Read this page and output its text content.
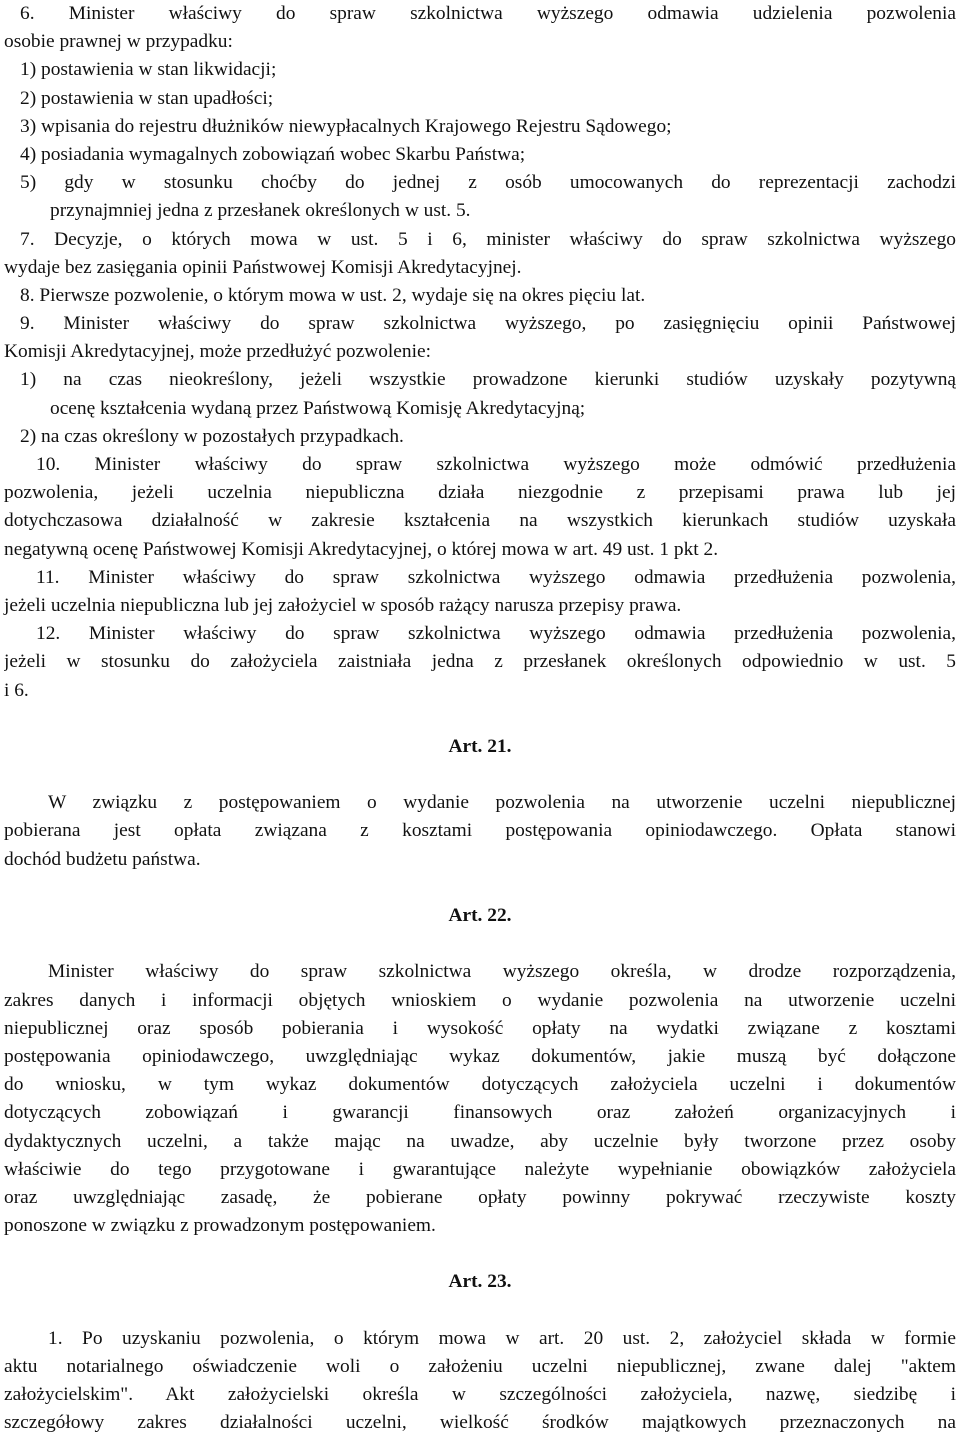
6. Minister właściwy do spraw szkolnictwa wyższego odmawia udzielenia pozwolenia
osobie prawnej w przypadku:
1) postawienia w stan likwidacji;
2) postawienia w stan upadłości;
3) wpisania do rejestru dłużników niewypłacalnych Krajowego Rejestru Sądowego;
4) posiadania wymagalnych zobowiązań wobec Skarbu Państwa;
5) gdy w stosunku choćby do jednej z osób umocowanych do reprezentacji zachodzi
przynajmniej jedna z przesłanek określonych w ust. 5.
7. Decyzje, o których mowa w ust. 5 i 6, minister właściwy do spraw szkolnictwa wyższego
wydaje bez zasięgania opinii Państwowej Komisji Akredytacyjnej.
8. Pierwsze pozwolenie, o którym mowa w ust. 2, wydaje się na okres pięciu lat.
9. Minister właściwy do spraw szkolnictwa wyższego, po zasięgnięciu opinii Państwowej
Komisji Akredytacyjnej, może przedłużyć pozwolenie:
1) na czas nieokreślony, jeżeli wszystkie prowadzone kierunki studiów uzyskały pozytywną
ocenę kształcenia wydaną przez Państwową Komisję Akredytacyjną;
2) na czas określony w pozostałych przypadkach.
10. Minister właściwy do spraw szkolnictwa wyższego może odmówić przedłużenia
pozwolenia, jeżeli uczelnia niepubliczna działa niezgodnie z przepisami prawa lub jej
dotychczasowa działalność w zakresie kształcenia na wszystkich kierunkach studiów uzyskała
negatywną ocenę Państwowej Komisji Akredytacyjnej, o której mowa w art. 49 ust. 1 pkt 2.
11. Minister właściwy do spraw szkolnictwa wyższego odmawia przedłużenia pozwolenia,
jeżeli uczelnia niepubliczna lub jej założyciel w sposób rażący narusza przepisy prawa.
12. Minister właściwy do spraw szkolnictwa wyższego odmawia przedłużenia pozwolenia,
jeżeli w stosunku do założyciela zaistniała jedna z przesłanek określonych odpowiednio w ust. 5
i 6.
Art. 21.
W związku z postępowaniem o wydanie pozwolenia na utworzenie uczelni niepublicznej
pobierana jest opłata związana z kosztami postępowania opiniodawczego. Opłata stanowi
dochód budżetu państwa.
Art. 22.
Minister właściwy do spraw szkolnictwa wyższego określa, w drodze rozporządzenia,
zakres danych i informacji objętych wnioskiem o wydanie pozwolenia na utworzenie uczelni
niepublicznej oraz sposób pobierania i wysokość opłaty na wydatki związane z kosztami
postępowania opiniodawczego, uwzględniając wykaz dokumentów, jakie muszą być dołączone
do wniosku, w tym wykaz dokumentów dotyczących założyciela uczelni i dokumentów
dotyczących zobowiązań i gwarancji finansowych oraz założeń organizacyjnych i
dydaktycznych uczelni, a także mając na uwadze, aby uczelnie były tworzone przez osoby
właściwie do tego przygotowane i gwarantujące należyte wypełnianie obowiązków założyciela
oraz uwzględniając zasadę, że pobierane opłaty powinny pokrywać rzeczywiste koszty
ponoszone w związku z prowadzonym postępowaniem.
Art. 23.
1. Po uzyskaniu pozwolenia, o którym mowa w art. 20 ust. 2, założyciel składa w formie
aktu notarialnego oświadczenie woli o założeniu uczelni niepublicznej, zwane dalej "aktem
założycielskim". Akt założycielski określa w szczególności założyciela, nazwę, siedzibę i
szczegółowy zakres działalności uczelni, wielkość środków majątkowych przeznaczonych na
